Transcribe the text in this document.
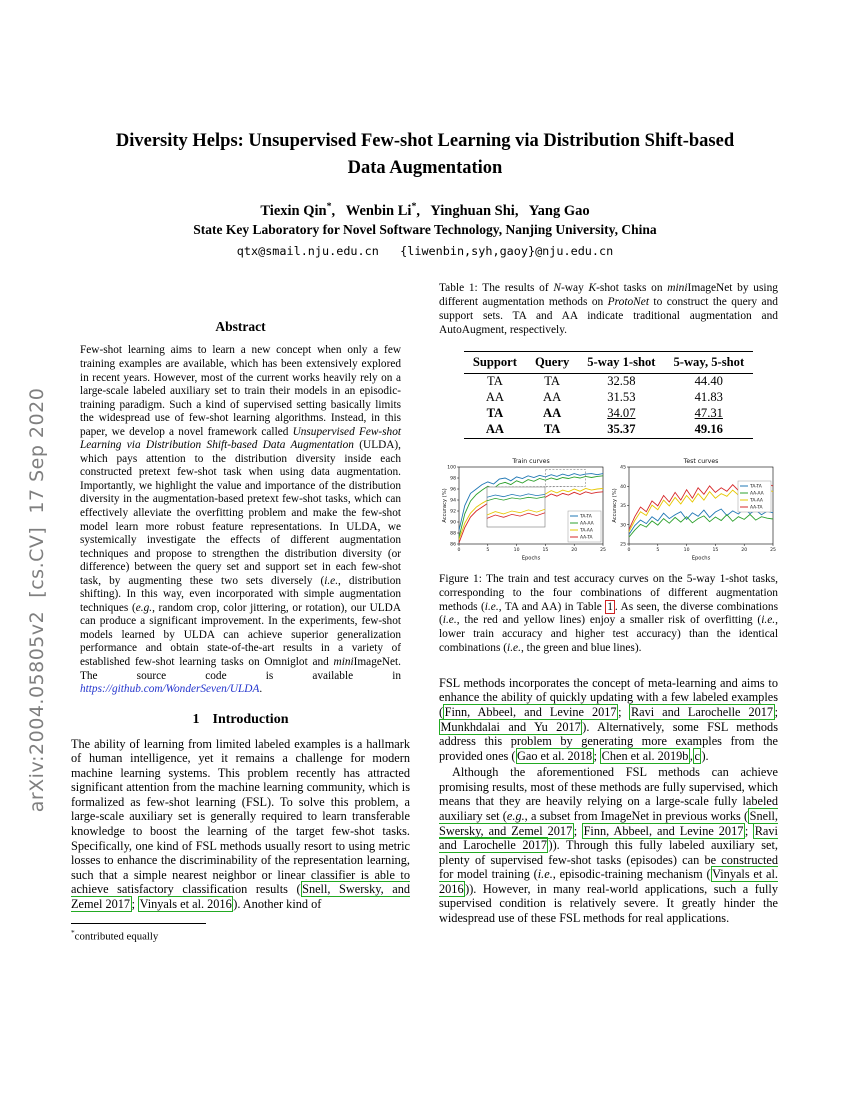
arXiv:2004.05805v2  [cs.CV]  17 Sep 2020
Diversity Helps: Unsupervised Few-shot Learning via Distribution Shift-based
Data Augmentation
Tiexin Qin*,   Wenbin Li*,   Yinghuan Shi,   Yang Gao
State Key Laboratory for Novel Software Technology, Nanjing University, China
qtx@smail.nju.edu.cn   {liwenbin,syh,gaoy}@nju.edu.cn
Abstract

Few-shot learning aims to learn a new concept when only a few training examples are available, which has been extensively explored in recent years. However, most of the current works heavily rely on a large-scale labeled auxiliary set to train their models in an episodic-training paradigm. Such a kind of supervised setting basically limits the widespread use of few-shot learning algorithms. Instead, in this paper, we develop a novel framework called Unsupervised Few-shot Learning via Distribution Shift-based Data Augmentation (ULDA), which pays attention to the distribution diversity inside each constructed pretext few-shot task when using data augmentation. Importantly, we highlight the value and importance of the distribution diversity in the augmentation-based pretext few-shot tasks, which can effectively alleviate the overfitting problem and make the few-shot model learn more robust feature representations. In ULDA, we systemically investigate the effects of different augmentation techniques and propose to strengthen the distribution diversity (or difference) between the query set and support set in each few-shot task, by augmenting these two sets diversely (i.e., distribution shifting). In this way, even incorporated with simple augmentation techniques (e.g., random crop, color jittering, or rotation), our ULDA can produce a significant improvement. In the experiments, few-shot models learned by ULDA can achieve superior generalization performance and obtain state-of-the-art results in a variety of established few-shot learning tasks on Omniglot and miniImageNet. The source code is available in https://github.com/WonderSeven/ULDA.

1 Introduction

The ability of learning from limited labeled examples is a hallmark of human intelligence, yet it remains a challenge for modern machine learning systems. This problem recently has attracted significant attention from the machine learning community, which is formalized as few-shot learning (FSL). To solve this problem, a large-scale auxiliary set is generally required to learn transferable knowledge to boost the learning of the target few-shot tasks. Specifically, one kind of FSL methods usually resort to using metric losses to enhance the discriminability of the representation learning, such that a simple nearest neighbor or linear classifier is able to achieve satisfactory classification results ( Snell, Swersky, and Zemel 2017 ; Vinyals et al. 2016 ). Another kind of

*contributed equally

Table 1: The results of N-way K-shot tasks on miniImageNet by using different augmentation methods on ProtoNet to construct the query and support sets. TA and AA indicate traditional augmentation and AutoAugment, respectively.

Support	Query	5-way 1-shot	5-way, 5-shot
TA	TA	32.58	44.40
AA	AA	31.53	41.83
TA	AA	34.07	47.31
AA	TA	35.37	49.16
86
88
90
92
94
96
98
100
0	5	10	15	20	25
Train curves
Epochs
Accuracy (%)	TA-TA
AA-AA
TA-AA
AA-TA
25
30
35
40
45
0	5	10	15	20	25
Test curves
Epochs
Accuracy (%)
TA-TA
AA-AA
TA-AA
AA-TA

Figure 1: The train and test accuracy curves on the 5-way 1-shot tasks, corresponding to the four combinations of different augmentation methods (i.e., TA and AA) in Table 1 . As seen, the diverse combinations (i.e., the red and yellow lines) enjoy a smaller risk of overfitting (i.e., lower train accuracy and higher test accuracy) than the identical combinations (i.e., the green and blue lines).

FSL methods incorporates the concept of meta-learning and aims to enhance the ability of quickly updating with a few labeled examples ( Finn, Abbeel, and Levine 2017 ; Ravi and Larochelle 2017 ; Munkhdalai and Yu 2017 ). Alternatively, some FSL methods address this problem by generating more examples from the provided ones ( Gao et al. 2018 ; Chen et al. 2019b , c ).

Although the aforementioned FSL methods can achieve promising results, most of these methods are fully supervised, which means that they are heavily relying on a large-scale fully labeled auxiliary set (e.g., a subset from ImageNet in previous works ( Snell, Swersky, and Zemel 2017 ; Finn, Abbeel, and Levine 2017 ; Ravi and Larochelle 2017 )). Through this fully labeled auxiliary set, plenty of supervised few-shot tasks (episodes) can be constructed for model training (i.e., episodic-training mechanism ( Vinyals et al. 2016 )). However, in many real-world applications, such a fully supervised condition is relatively severe. It greatly hinder the widespread use of these FSL methods for real applications.
